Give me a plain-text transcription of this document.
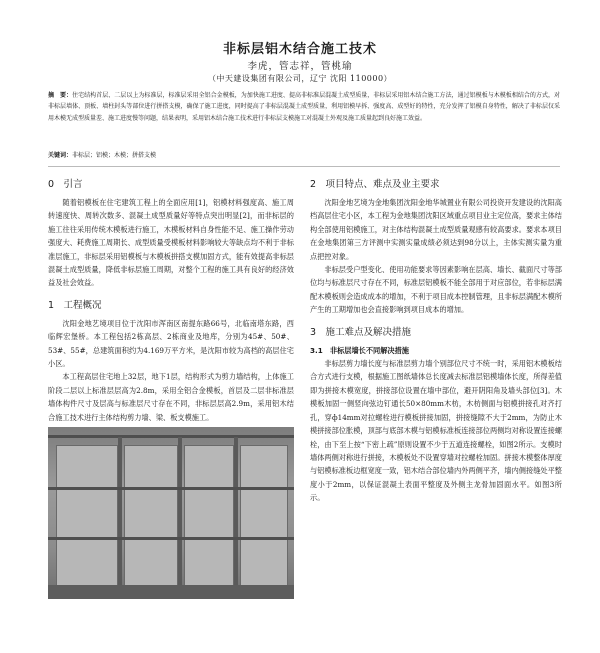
非标层铝木结合施工技术
李虎，管志祥，管桃瑜
（中天建设集团有限公司，辽宁 沈阳 110000）
摘　要：住宅结构首层、二层以上为标准层，标准层采用全铝合金模板，为加快施工进度、提高非标准层混凝土成型质量，非标层采用铝木结合施工方法，通过铝模板与木模板相结合的方式，对非标层墙体、顶板、墙柱封头等部位进行拼搭支模，确保了施工进度，同时提高了非标层混凝土成型质量，利用铝模早拆、强度高、成型好的特性，充分发挥了铝模自身特性，解决了非标层仅采用木模无成型质量差、施工进度慢等问题，结果表明，采用铝木结合施工技术进行非标层支模施工对混凝土外观及施工质量起到良好施工效益。
关键词：非标层；铝模；木模；拼搭支模
0　引言

随着铝模板在住宅建筑工程上的全面应用[1]，铝模材料强度高、施工周转速度快、周转次数多、混凝土成型质量好等特点突出明显[2]，而非标层的施工往往采用传统木模板进行施工，木模板材料自身性能不足、施工操作劳动强度大、耗费施工周期长、成型质量受模板材料影响较大等缺点均不利于非标准层施工，非标层采用铝模板与木模板拼搭支模加固方式，能有效提高非标层混凝土成型质量，降低非标层施工周期，对整个工程的施工具有良好的经济效益及社会效益。

1　工程概况

沈阳金地艺境项目位于沈阳市浑南区南提东路66号，北临南塔东路，西临辉宏堡桥。本工程包括2栋高层、2栋商业及地库，分别为45#、50#、53#、55#，总建筑面积约为4.169万平方米，是沈阳市较为高档的高层住宅小区。

本工程高层住宅地上32层，地下1层，结构形式为剪力墙结构，上体施工阶段二层以上标准层层高为2.8m，采用全铝合金模板，首层及二层非标准层墙体构件尺寸及层高与标准层尺寸存在不同，非标层层高2.9m，采用铝木结合施工技术进行主体结构剪力墙、梁、板支模施工。

2　项目特点、难点及业主要求

沈阳金地艺境为金地集团沈阳金地华城置业有限公司投资开发建设的沈阳高档高层住宅小区，本工程为金地集团沈阳区域重点项目业主定位高，要求主体结构全部使用铝模施工，对主体结构混凝土成型质量观感有较高要求。要求本项目在金地集团第三方评测中实测实量成绩必须达到98分以上，主体实测实量为重点把控对象。

非标层受户型变化、使用功能要求等因素影响在层高、墙长、截面尺寸等部位均与标准层尺寸存在不同，标准层铝模板不能全部用于对应部位，若非标层满配木模板则会造成成本的增加，不利于项目成本控制管理，且非标层满配木模所产生的工期增加也会直接影响到项目成本的增加。

3　施工难点及解决措施
3.1　非标层墙长不同解决措施

非标层剪力墙长度与标准层剪力墙个别部位尺寸不统一时，采用铝木模板结合方式进行支模，根据施工图纸墙体总长度减去标准层铝模墙体长度，所得差值即为拼接木模宽度，拼接部位设置在墙中部位，避开阴阳角及墙头部位[3]。木模板加固一侧竖向弦边钉通长50×80mm木枋，木枋侧面与铝模拼接孔对齐打孔，穿ф14mm对拉螺栓进行模板拼接加固，拼接缝隙不大于2mm，为防止木模拼接部位胀模，顶部与底部木模与铝模标准板连接部位两侧均对称设置连接螺栓，由下至上按“下密上疏”原则设置不少于五道连接螺栓，如图2所示。支模时墙体两侧对称进行拼接，木模板处不设置穿墙对拉螺栓加固。拼接木模整体厚度与铝模标准板边框宽度一致，铝木结合部位墙内外两侧平齐，墙内侧接缝处平整度小于2mm，以保证混凝土表面平整度及外侧主龙骨加固面水平。如图3所示。
